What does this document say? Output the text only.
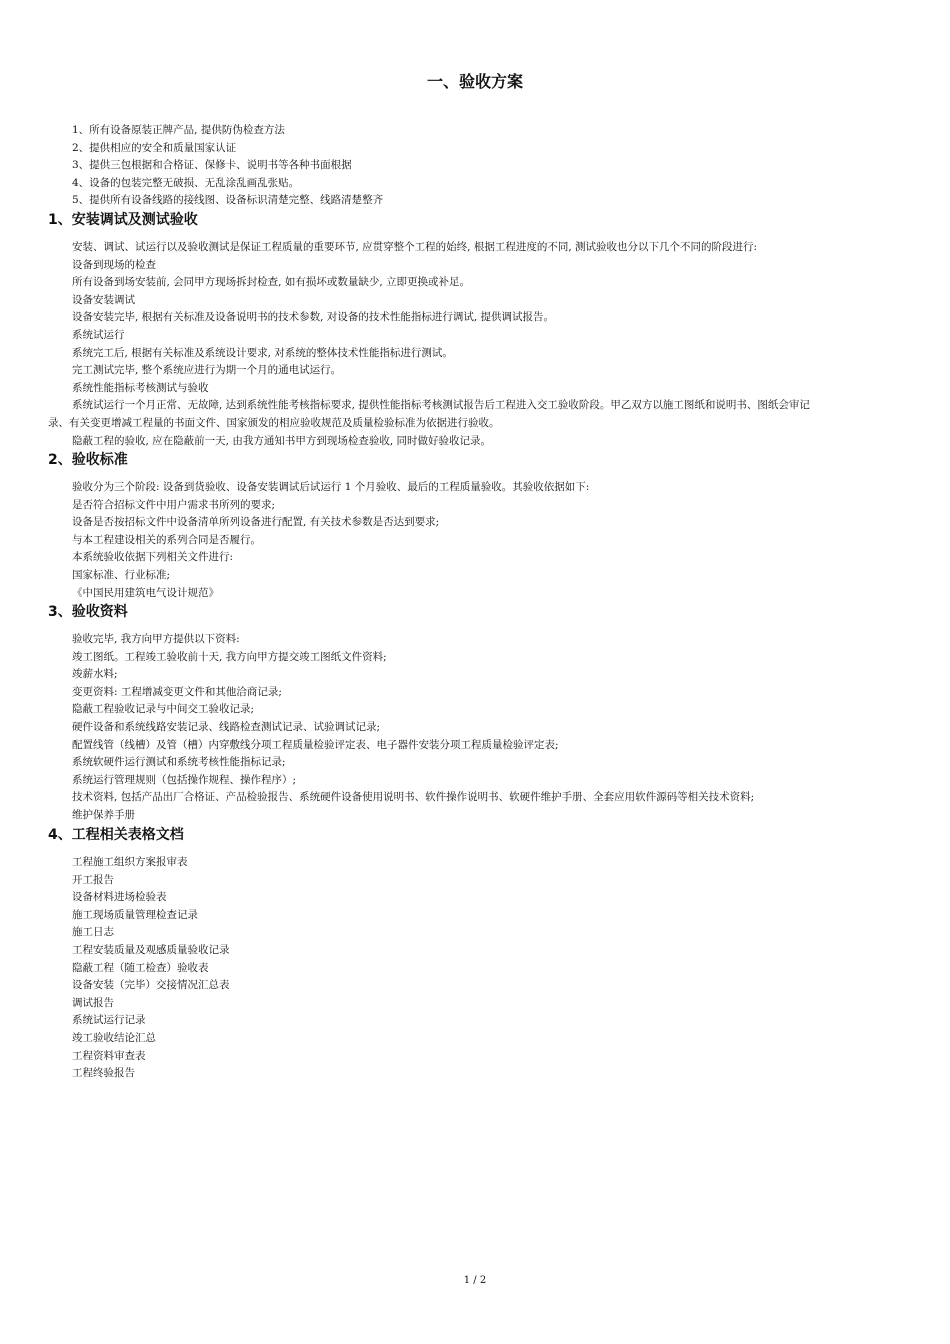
一、验收方案
1、所有设备原装正牌产品, 提供防伪检查方法
2、提供相应的安全和质量国家认证
3、提供三包根据和合格证、保修卡、说明书等各种书面根据
4、设备的包装完整无破损、无乱涂乱画乱张贴。
5、提供所有设备线路的接线图、设备标识清楚完整、线路清楚整齐
1、安装调试及测试验收
安装、调试、试运行以及验收测试是保证工程质量的重要环节, 应贯穿整个工程的始终, 根据工程进度的不同, 测试验收也分以下几个不同的阶段进行:
设备到现场的检查
所有设备到场安装前, 会同甲方现场拆封检查, 如有损坏或数量缺少, 立即更换或补足。
设备安装调试
设备安装完毕, 根据有关标准及设备说明书的技术参数, 对设备的技术性能指标进行调试, 提供调试报告。
系统试运行
系统完工后, 根据有关标准及系统设计要求, 对系统的整体技术性能指标进行测试。
完工测试完毕, 整个系统应进行为期一个月的通电试运行。
系统性能指标考核测试与验收
系统试运行一个月正常、无故障, 达到系统性能考核指标要求, 提供性能指标考核测试报告后工程进入交工验收阶段。甲乙双方以施工图纸和说明书、图纸会审记
录、有关变更增减工程量的书面文件、国家颁发的相应验收规范及质量检验标准为依据进行验收。
隐蔽工程的验收, 应在隐蔽前一天, 由我方通知书甲方到现场检查验收, 同时做好验收记录。
2、验收标准
验收分为三个阶段: 设备到货验收、设备安装调试后试运行 1 个月验收、最后的工程质量验收。其验收依据如下:
是否符合招标文件中用户需求书所列的要求;
设备是否按招标文件中设备清单所列设备进行配置, 有关技术参数是否达到要求;
与本工程建设相关的系列合同是否履行。
本系统验收依据下列相关文件进行:
国家标准、行业标准;
《中国民用建筑电气设计规范》
3、验收资料
验收完毕, 我方向甲方提供以下资料:
竣工图纸。工程竣工验收前十天, 我方向甲方提交竣工图纸文件资料;
竣薪水料;
变更资料: 工程增减变更文件和其他洽商记录;
隐蔽工程验收记录与中间交工验收记录;
硬件设备和系统线路安装记录、线路检查测试记录、试验调试记录;
配置线管（线槽）及管（槽）内穿敷线分项工程质量检验评定表、电子器件安装分项工程质量检验评定表;
系统软硬件运行测试和系统考核性能指标记录;
系统运行管理规则（包括操作规程、操作程序）;
技术资料, 包括产品出厂合格证、产品检验报告、系统硬件设备使用说明书、软件操作说明书、软硬件维护手册、全套应用软件源码等相关技术资料;
维护保养手册
4、工程相关表格文档
工程施工组织方案报审表
开工报告
设备材料进场检验表
施工现场质量管理检查记录
施工日志
工程安装质量及观感质量验收记录
隐蔽工程（随工检查）验收表
设备安装（完毕）交接情况汇总表
调试报告
系统试运行记录
竣工验收结论汇总
工程资料审查表
工程终验报告
1 / 2
